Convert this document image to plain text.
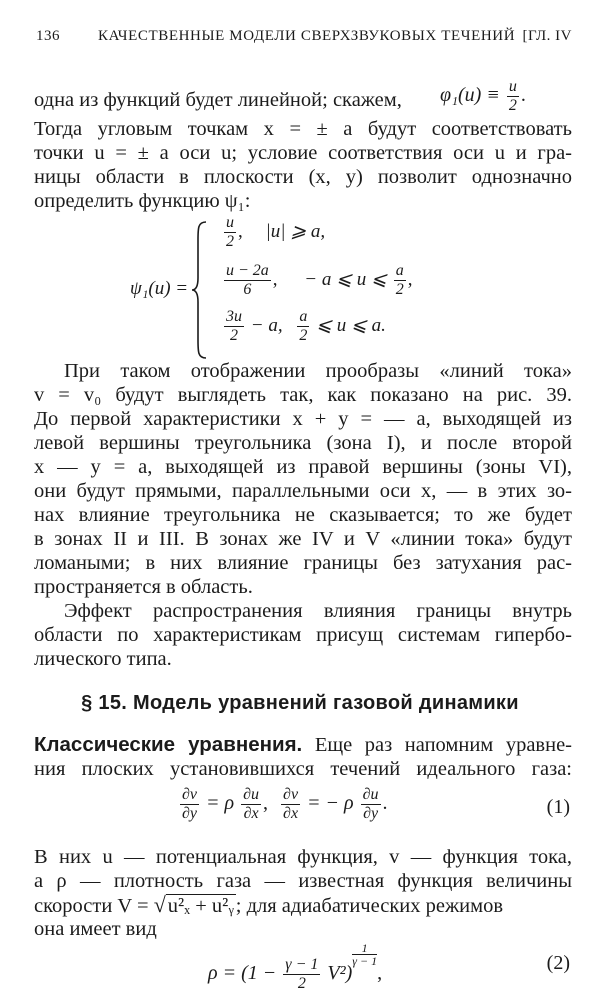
136	КАЧЕСТВЕННЫЕ МОДЕЛИ СВЕРХЗВУКОВЫХ ТЕЧЕНИЙ [ГЛ. IV
одна из функций будет линейной; скажем,	$\varphi_1(u) \equiv \frac{u}{2}$ .
Тогда угловым точкам x = ± a будут соответствовать
точки u = ± a оси u; условие соответствия оси u и гра-
ницы области в плоскости (x, y) позволит однозначно
определить функцию ψ₁:
ψ₁(u) =
$\frac{u}{2}$ , |u| ⩾ a,
$\frac{u - 2a}{6}$ , − a ⩽ u ⩽ $\frac{a}{2}$ ,
$\frac{3u}{2} - a$, $\frac{a}{2}$ ⩽ u ⩽ a.
При таком отображении прообразы «линий тока»
v = v₀ будут выглядеть так, как показано на рис. 39.
До первой характеристики x + y = — a, выходящей из
левой вершины треугольника (зона I), и после второй
x — y = a, выходящей из правой вершины (зоны VI),
они будут прямыми, параллельными оси x, — в этих зо-
нах влияние треугольника не сказывается; то же будет
в зонах II и III. В зонах же IV и V «линии тока» будут
ломаными; в них влияние границы без затухания рас-
пространяется в область.
Эффект распространения влияния границы внутрь
области по характеристикам присущ системам гипербо-
лического типа.
§ 15. Модель уравнений газовой динамики
Классические уравнения. Еще раз напомним уравне-
ния плоских установившихся течений идеального газа:
$\frac{\partial v}{\partial y} = \rho \frac{\partial u}{\partial x}$ , $\frac{\partial v}{\partial x}$ = − ρ $\frac{\partial u}{\partial y}$ .	(1)
В них u — потенциальная функция, v — функция тока,
а ρ — плотность газа — известная функция величины
скорости V = √u²ₓ + u²ᵧ; для адиабатических режимов
она имеет вид
$\rho = (1 - \frac{\gamma - 1}{2} V^2)$
$^{\frac{1}{\gamma - 1}}$
,	(2)
